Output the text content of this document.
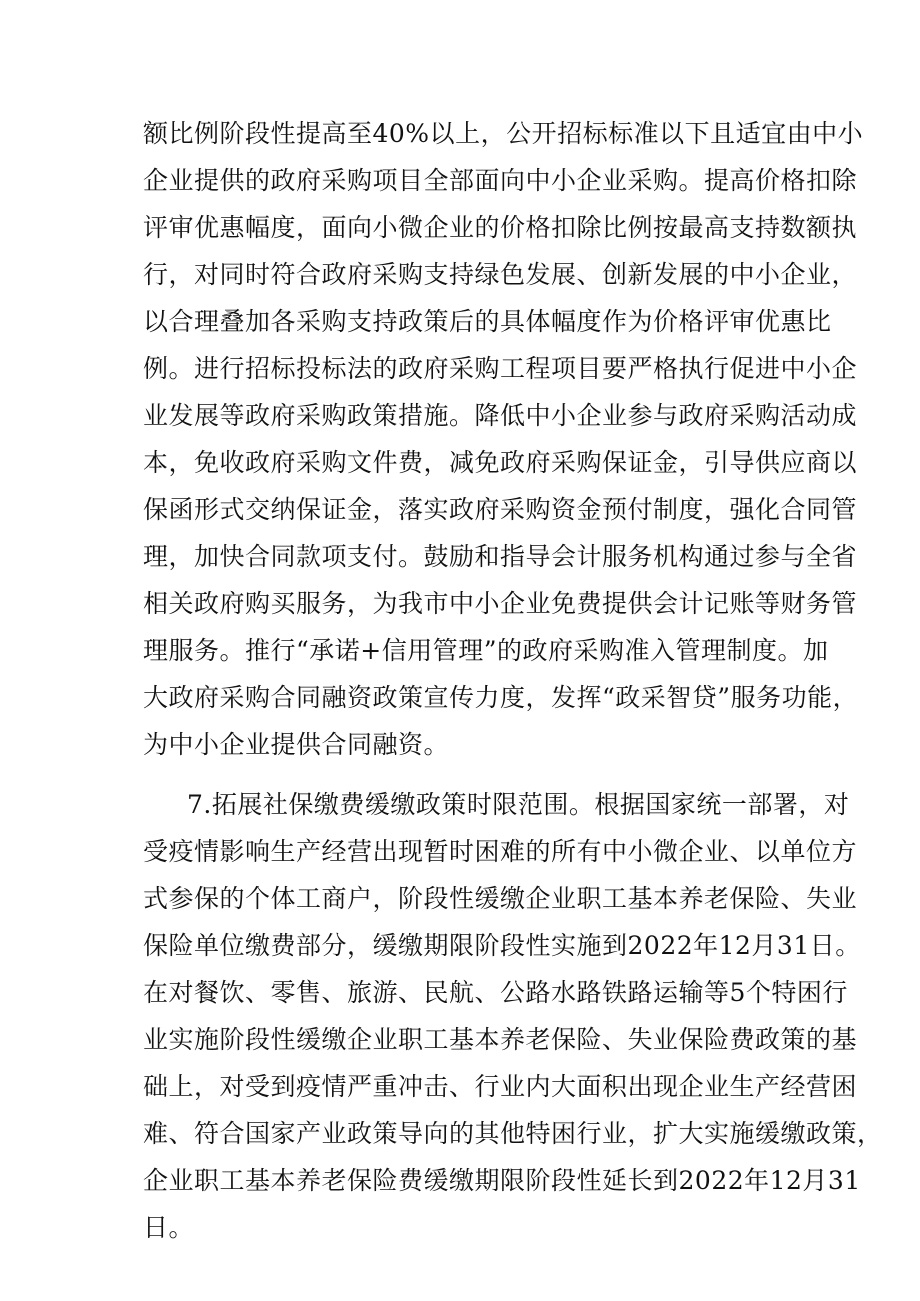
额比例阶段性提高至40%以上，公开招标标准以下且适宜由中小
企业提供的政府采购项目全部面向中小企业采购。提高价格扣除
评审优惠幅度，面向小微企业的价格扣除比例按最高支持数额执
行，对同时符合政府采购支持绿色发展、创新发展的中小企业，
以合理叠加各采购支持政策后的具体幅度作为价格评审优惠比
例。进行招标投标法的政府采购工程项目要严格执行促进中小企
业发展等政府采购政策措施。降低中小企业参与政府采购活动成
本，免收政府采购文件费，减免政府采购保证金，引导供应商以
保函形式交纳保证金，落实政府采购资金预付制度，强化合同管
理，加快合同款项支付。鼓励和指导会计服务机构通过参与全省
相关政府购买服务，为我市中小企业免费提供会计记账等财务管
理服务。推行“承诺+信用管理”的政府采购准入管理制度。加
大政府采购合同融资政策宣传力度，发挥“政采智贷”服务功能，
为中小企业提供合同融资。
7.拓展社保缴费缓缴政策时限范围。根据国家统一部署，对
受疫情影响生产经营出现暂时困难的所有中小微企业、以单位方
式参保的个体工商户，阶段性缓缴企业职工基本养老保险、失业
保险单位缴费部分，缓缴期限阶段性实施到2022年12月31日。
在对餐饮、零售、旅游、民航、公路水路铁路运输等5个特困行
业实施阶段性缓缴企业职工基本养老保险、失业保险费政策的基
础上，对受到疫情严重冲击、行业内大面积出现企业生产经营困
难、符合国家产业政策导向的其他特困行业，扩大实施缓缴政策，
企业职工基本养老保险费缓缴期限阶段性延长到2022年12月31
日。
